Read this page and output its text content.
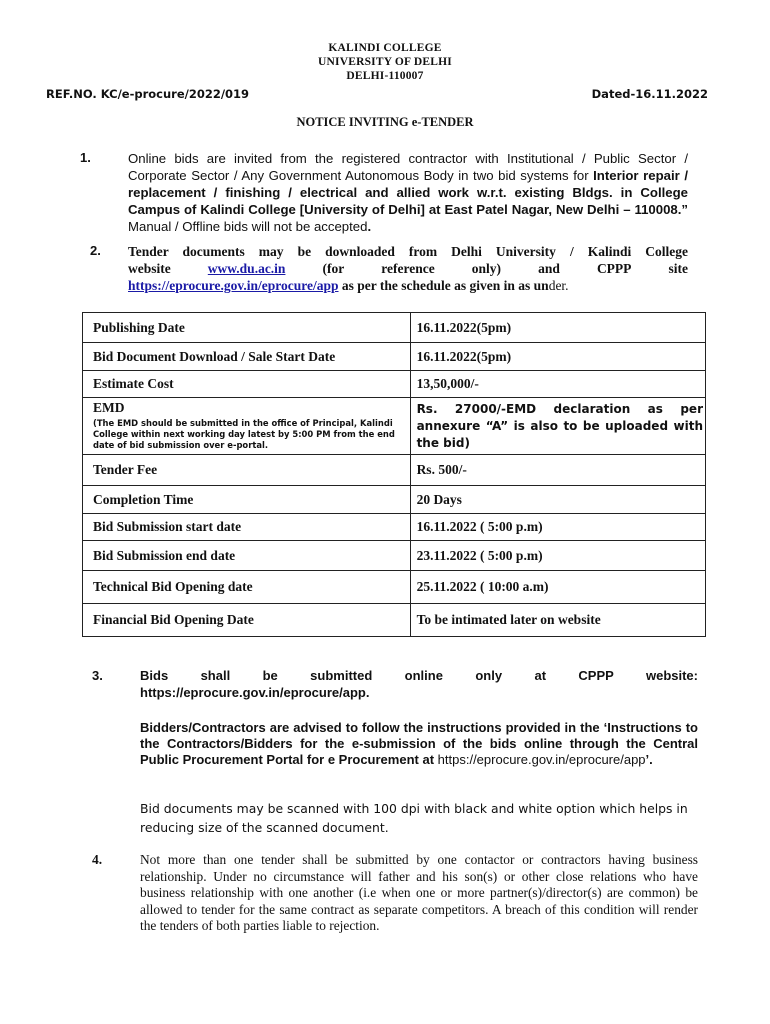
KALINDI COLLEGE
UNIVERSITY OF DELHI
DELHI-110007
REF.NO. KC/e-procure/2022/019	Dated-16.11.2022
NOTICE INVITING e-TENDER
1.	Online bids are invited from the registered contractor with Institutional / Public Sector / Corporate Sector / Any Government Autonomous Body in two bid systems for Interior repair / replacement / finishing / electrical and allied work w.r.t. existing Bldgs. in College Campus of Kalindi College [University of Delhi] at East Patel Nagar, New Delhi – 110008.” Manual / Offline bids will not be accepted.
2. Tender documents may be downloaded from Delhi University / Kalindi College
website	www.du.ac.in	(for	reference	only)	and	CPPP	site
https://eprocure.gov.in/eprocure/app as per the schedule as given in as under.
Publishing Date	16.11.2022(5pm)
Bid Document Download / Sale Start Date	16.11.2022(5pm)
Estimate Cost	13,50,000/-

EMD
(The EMD should be submitted in the office of Principal, Kalindi College within next working day latest by 5:00 PM from the end date of bid submission over e-portal.	Rs. 27000/-EMD declaration as per annexure “A” is also to be uploaded with the bid)

Tender Fee	Rs. 500/-
Completion Time	20 Days
Bid Submission start date	16.11.2022 ( 5:00 p.m)
Bid Submission end date	23.11.2022 ( 5:00 p.m)
Technical Bid Opening date	25.11.2022 ( 10:00 a.m)
Financial Bid Opening Date	To be intimated later on website
3.	Bids shall be submitted online only at CPPP website:
https://eprocure.gov.in/eprocure/app.
Bidders/Contractors are advised to follow the instructions provided in the ‘Instructions to the Contractors/Bidders for the e-submission of the bids online through the Central Public Procurement Portal for e Procurement at https://eprocure.gov.in/eprocure/app’.
Bid documents may be scanned with 100 dpi with black and white option which helps in reducing size of the scanned document.
4.	Not more than one tender shall be submitted by one contactor or contractors having business relationship. Under no circumstance will father and his son(s) or other close relations who have business relationship with one another (i.e when one or more partner(s)/director(s) are common) be allowed to tender for the same contract as separate competitors. A breach of this condition will render the tenders of both parties liable to rejection.
